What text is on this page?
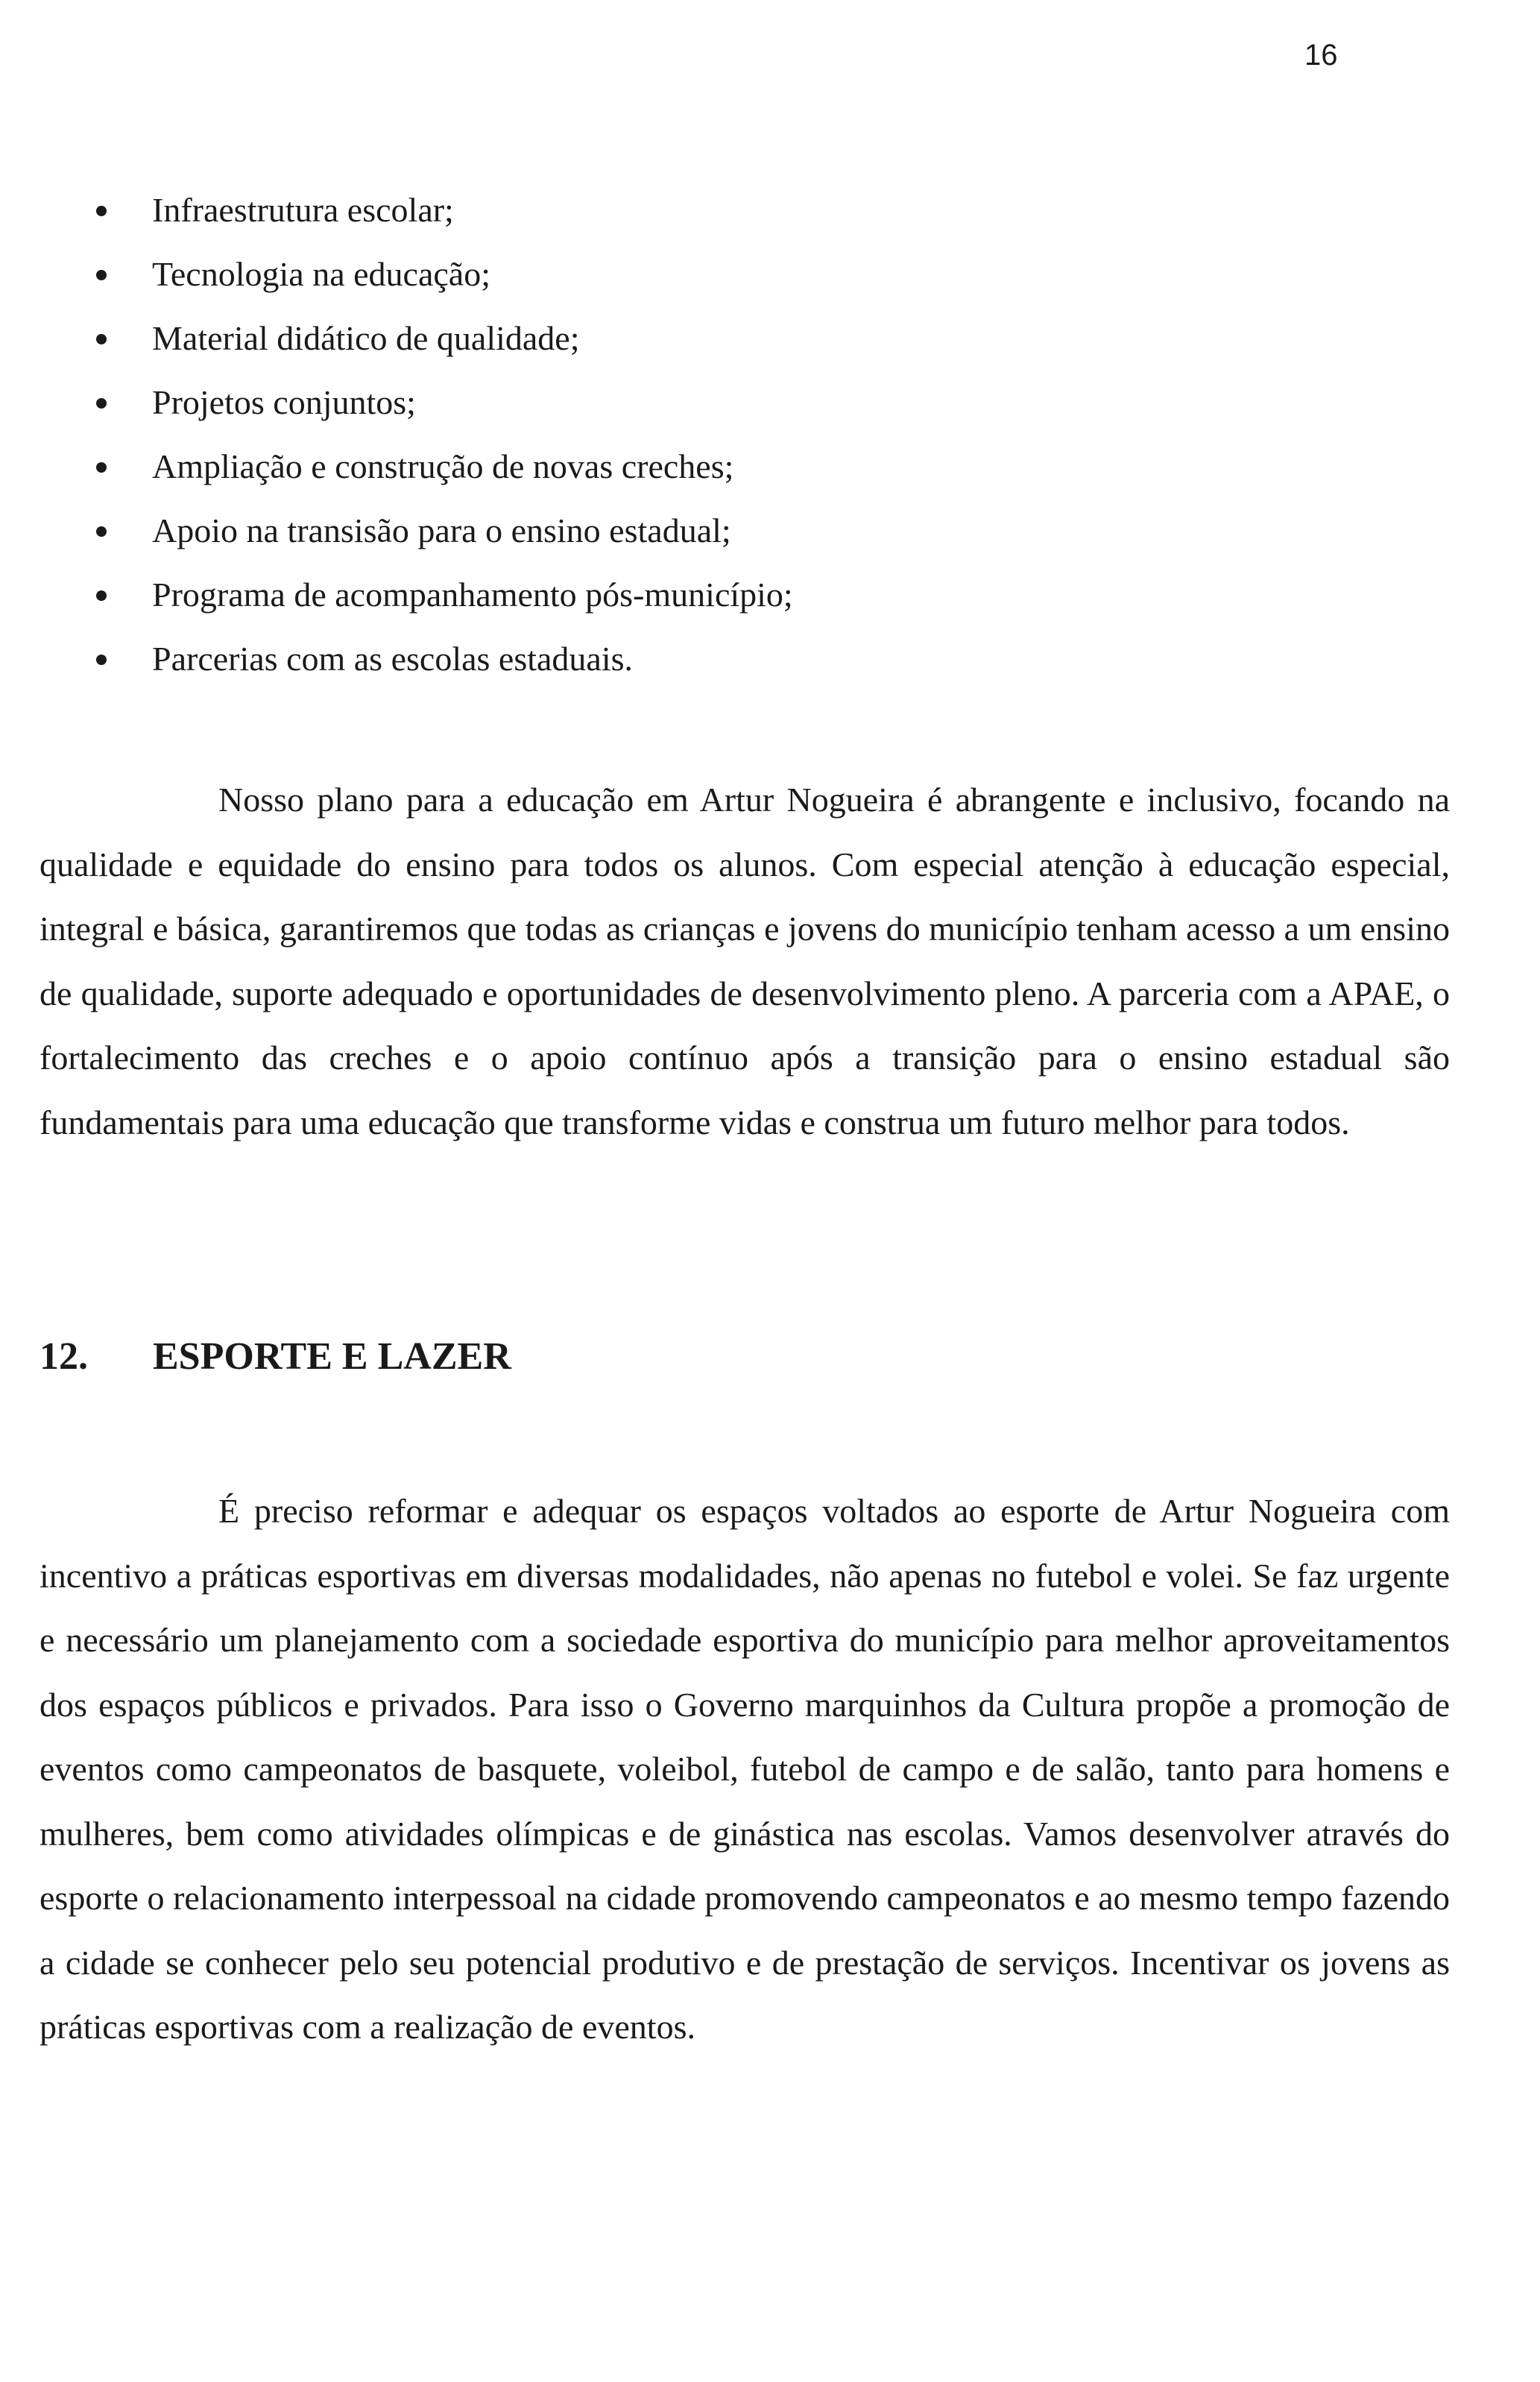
16
Infraestrutura escolar;
Tecnologia na educação;
Material didático de qualidade;
Projetos conjuntos;
Ampliação e construção de novas creches;
Apoio na transisão para o ensino estadual;
Programa de acompanhamento pós-município;
Parcerias com as escolas estaduais.

Nosso plano para a educação em Artur Nogueira é abrangente e inclusivo, focando na qualidade e equidade do ensino para todos os alunos. Com especial atenção à educação especial, integral e básica, garantiremos que todas as crianças e jovens do município tenham acesso a um ensino de qualidade, suporte adequado e oportunidades de desenvolvimento pleno. A parceria com a APAE, o fortalecimento das creches e o apoio contínuo após a transição para o ensino estadual são fundamentais para uma educação que transforme vidas e construa um futuro melhor para todos.

12. ESPORTE E LAZER

É preciso reformar e adequar os espaços voltados ao esporte de Artur Nogueira com incentivo a práticas esportivas em diversas modalidades, não apenas no futebol e volei. Se faz urgente e necessário um planejamento com a sociedade esportiva do município para melhor aproveitamentos dos espaços públicos e privados. Para isso o Governo marquinhos da Cultura propõe a promoção de eventos como campeonatos de basquete, voleibol, futebol de campo e de salão, tanto para homens e mulheres, bem como atividades olímpicas e de ginástica nas escolas. Vamos desenvolver através do esporte o relacionamento interpessoal na cidade promovendo campeonatos e ao mesmo tempo fazendo a cidade se conhecer pelo seu potencial produtivo e de prestação de serviços. Incentivar os jovens as práticas esportivas com a realização de eventos.
